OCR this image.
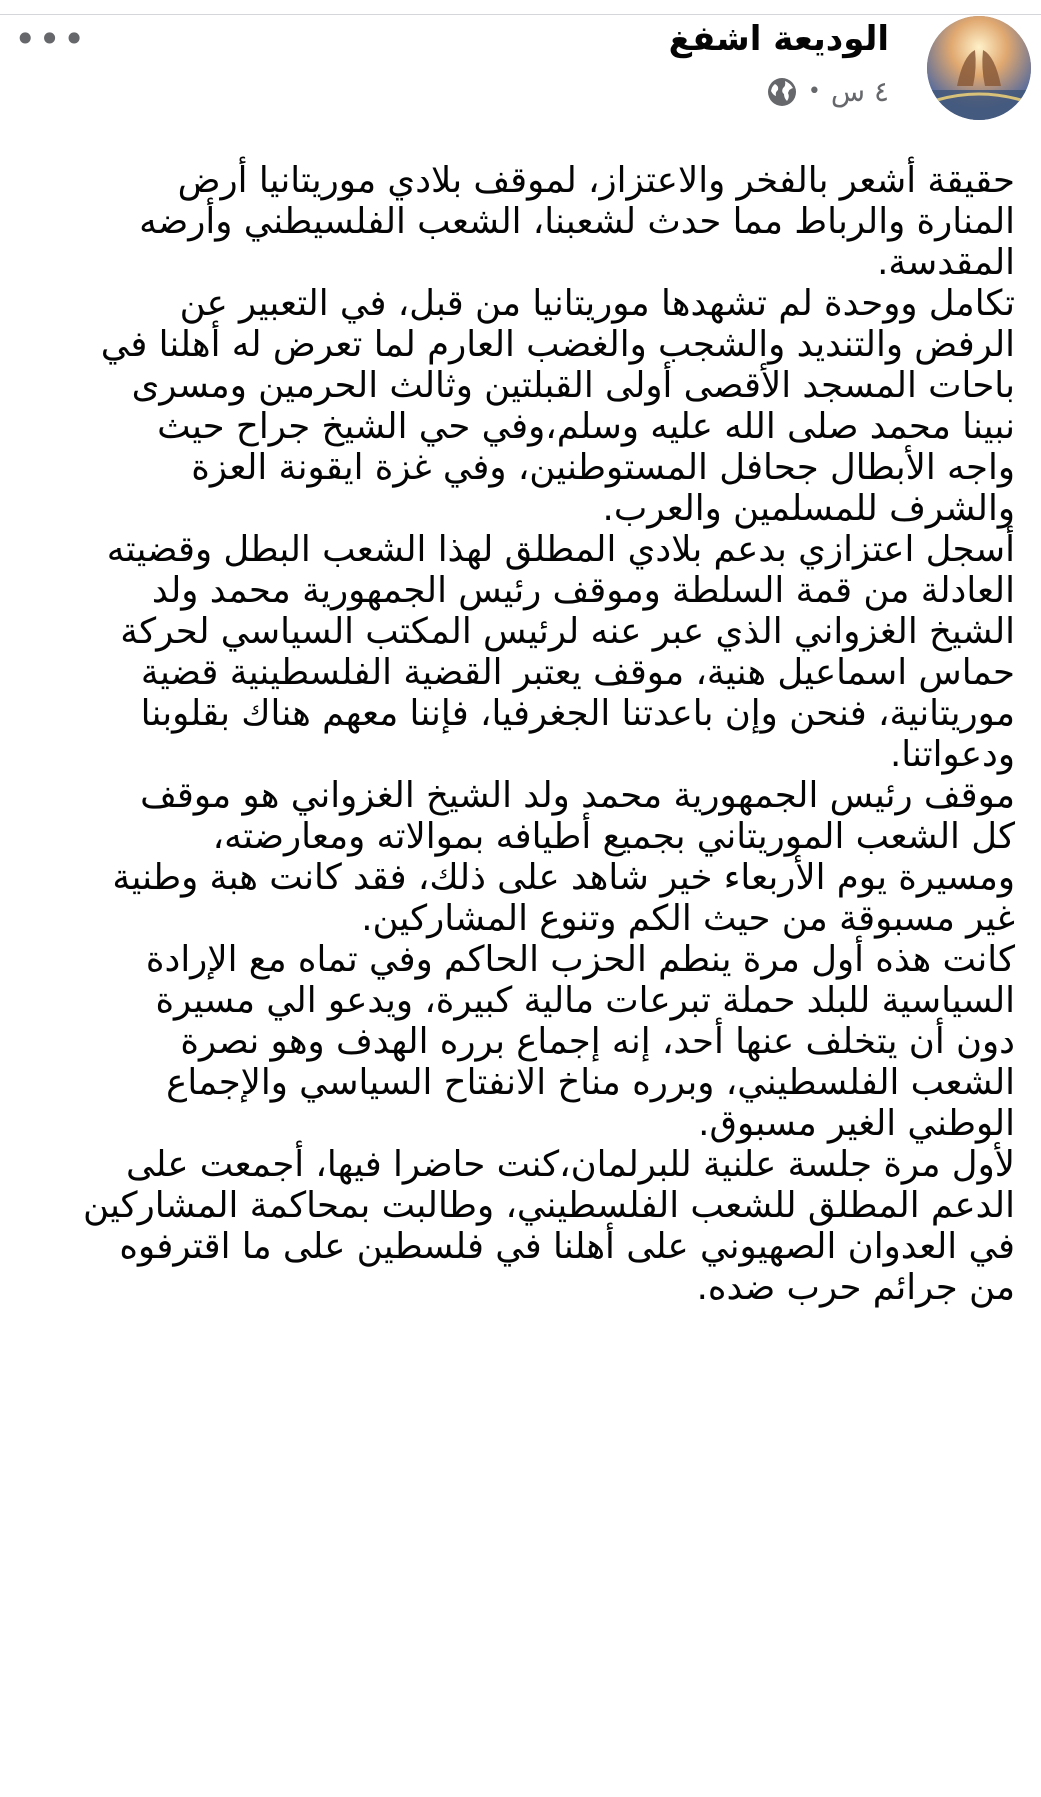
الوديعة اشفغ
٤ س
•
•••
حقيقة أشعر بالفخر والاعتزاز، لموقف بلادي موريتانيا أرض
المنارة والرباط مما حدث لشعبنا، الشعب الفلسيطني وأرضه
المقدسة.
تكامل ووحدة لم تشهدها موريتانيا من قبل، في التعبير عن
الرفض والتنديد والشجب والغضب العارم لما تعرض له أهلنا في
باحات المسجد الأقصى أولى القبلتين وثالث الحرمين ومسرى
نبينا محمد صلى الله عليه وسلم،وفي حي الشيخ جراح حيث
واجه الأبطال جحافل المستوطنين، وفي غزة ايقونة العزة
والشرف للمسلمين والعرب.
أسجل اعتزازي بدعم بلادي المطلق لهذا الشعب البطل وقضيته
العادلة من قمة السلطة وموقف رئيس الجمهورية محمد ولد
الشيخ الغزواني الذي عبر عنه لرئيس المكتب السياسي لحركة
حماس اسماعيل هنية، موقف يعتبر القضية الفلسطينية قضية
موريتانية، فنحن وإن باعدتنا الجغرفيا، فإننا معهم هناك بقلوبنا
ودعواتنا.
موقف رئيس الجمهورية محمد ولد الشيخ الغزواني هو موقف
كل الشعب الموريتاني بجميع أطيافه بموالاته ومعارضته،
ومسيرة يوم الأربعاء خير شاهد على ذلك، فقد كانت هبة وطنية
غير مسبوقة من حيث الكم وتنوع المشاركين.
كانت هذه أول مرة ينطم الحزب الحاكم وفي تماه مع الإرادة
السياسية للبلد حملة تبرعات مالية كبيرة، ويدعو الي مسيرة
دون أن يتخلف عنها أحد، إنه إجماع برره الهدف وهو نصرة
الشعب الفلسطيني، وبرره مناخ الانفتاح السياسي والإجماع
الوطني الغير مسبوق.
لأول مرة جلسة علنية للبرلمان،كنت حاضرا فيها، أجمعت على
الدعم المطلق للشعب الفلسطيني، وطالبت بمحاكمة المشاركين
في العدوان الصهيوني على أهلنا في فلسطين على ما اقترفوه
من جرائم حرب ضده.
